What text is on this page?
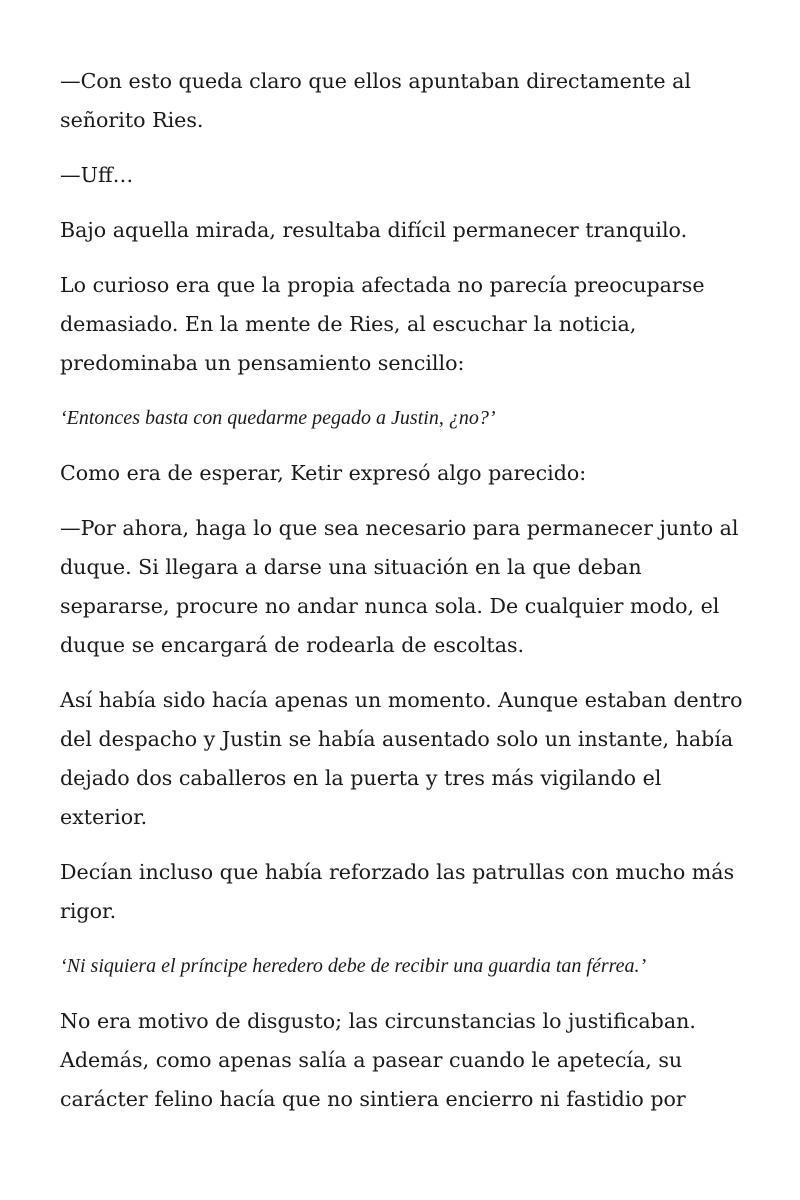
—Con esto queda claro que ellos apuntaban directamente al señorito Ries.

—Uff…

Bajo aquella mirada, resultaba difícil permanecer tranquilo.

Lo curioso era que la propia afectada no parecía preocuparse demasiado. En la mente de Ries, al escuchar la noticia, predominaba un pensamiento sencillo:

‘Entonces basta con quedarme pegado a Justin, ¿no?’

Como era de esperar, Ketir expresó algo parecido:

—Por ahora, haga lo que sea necesario para permanecer junto al duque. Si llegara a darse una situación en la que deban separarse, procure no andar nunca sola. De cualquier modo, el duque se encargará de rodearla de escoltas.

Así había sido hacía apenas un momento. Aunque estaban dentro del despacho y Justin se había ausentado solo un instante, había dejado dos caballeros en la puerta y tres más vigilando el exterior.

Decían incluso que había reforzado las patrullas con mucho más rigor.

‘Ni siquiera el príncipe heredero debe de recibir una guardia tan férrea.’

No era motivo de disgusto; las circunstancias lo justificaban. Además, como apenas salía a pasear cuando le apetecía, su carácter felino hacía que no sintiera encierro ni fastidio por
